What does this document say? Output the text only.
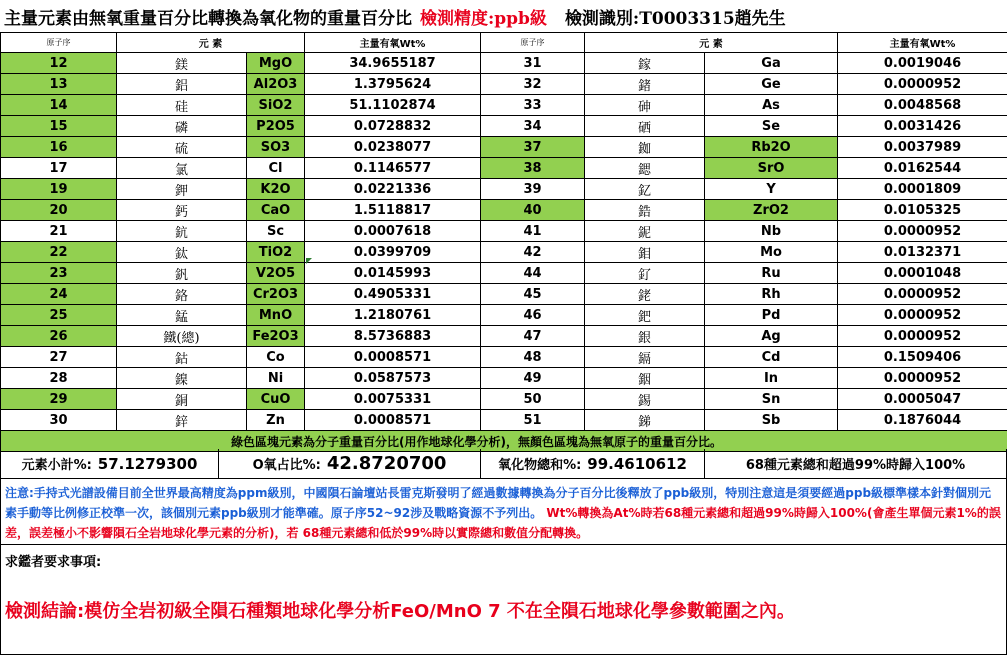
主量元素由無氧重量百分比轉換為氧化物的重量百分比 檢測精度:ppb級 檢測識別:T0003315趙先生
原子序	元 素		主量有氧Wt%	原子序	元 素		主量有氧Wt%
12	鎂	MgO	34.9655187	31	鎵	Ga	0.0019046
13	鋁	Al2O3	1.3795624	32	鍺	Ge	0.0000952
14	硅	SiO2	51.1102874	33	砷	As	0.0048568
15	磷	P2O5	0.0728832	34	硒	Se	0.0031426
16	硫	SO3	0.0238077	37	銣	Rb2O	0.0037989
17	氯	Cl	0.1146577	38	鍶	SrO	0.0162544
19	鉀	K2O	0.0221336	39	釔	Y	0.0001809
20	鈣	CaO	1.5118817	40	鋯	ZrO2	0.0105325
21	鈧	Sc	0.0007618	41	鈮	Nb	0.0000952
22	鈦	TiO2	0.0399709	42	鉬	Mo	0.0132371
23	釩	V2O5	0.0145993	44	釕	Ru	0.0001048
24	鉻	Cr2O3	0.4905331	45	銠	Rh	0.0000952
25	錳	MnO	1.2180761	46	鈀	Pd	0.0000952
26	鐵(總)	Fe2O3	8.5736883	47	銀	Ag	0.0000952
27	鈷	Co	0.0008571	48	鎘	Cd	0.1509406
28	鎳	Ni	0.0587573	49	銦	In	0.0000952
29	銅	CuO	0.0075331	50	錫	Sn	0.0005047
30	鋅	Zn	0.0008571	51	銻	Sb	0.1876044
綠色區塊元素為分子重量百分比(用作地球化學分析)，無顏色區塊為無氧原子的重量百分比。							
元素小計%: 57.1279300	O氧占比%: 42.8720700	氧化物總和%: 99.4610612	68種元素總和超過99%時歸入100%
注意:手持式光譜設備目前全世界最高精度為ppm級別，中國隕石論壇站長雷克斯發明了經過數據轉換為分子百分比後釋放了ppb級別，特別注意這是須要經過ppb級標準樣本針對個別元素手動等比例修正校準一次，該個別元素ppb級別才能準確。原子序52~92涉及戰略資源不予列出。 Wt%轉換為At%時若68種元素總和超過99%時歸入100%(會產生單個元素1%的誤差，誤差極小不影響隕石全岩地球化學元素的分析)，若 68種元素總和低於99%時以實際總和數值分配轉換。
求鑑者要求事項:
檢測結論:模仿全岩初級全隕石種類地球化學分析FeO/MnO 7 不在全隕石地球化學參數範圍之內。
